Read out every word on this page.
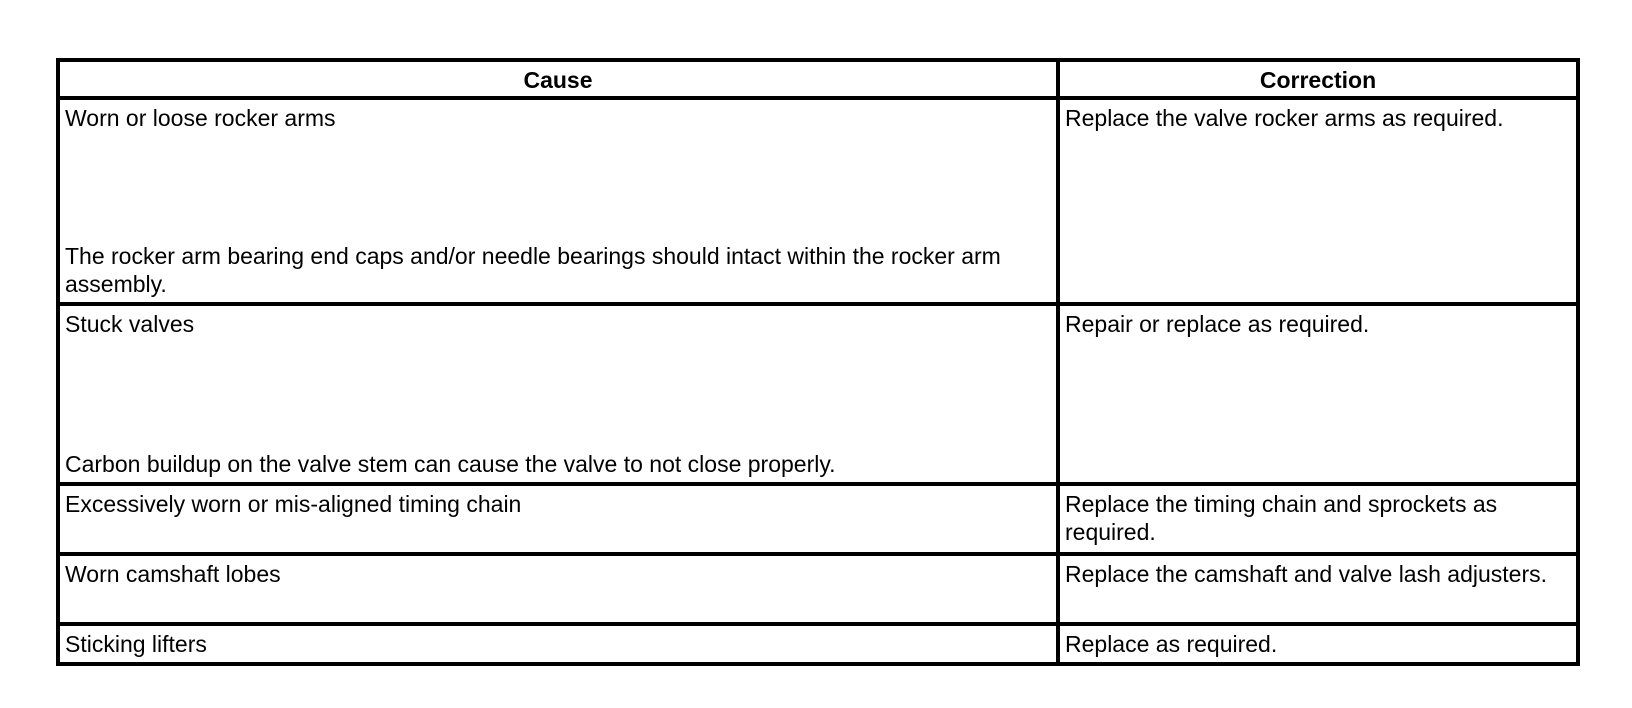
Cause	Correction

Worn or loose rocker arms
The rocker arm bearing end caps and/or needle bearings should intact within the rocker arm assembly.	Replace the valve rocker arms as required.

Stuck valves
Carbon buildup on the valve stem can cause the valve to not close properly.	Repair or replace as required.
Excessively worn or mis-aligned timing chain	Replace the timing chain and sprockets as required.
Worn camshaft lobes	Replace the camshaft and valve lash adjusters.
Sticking lifters	Replace as required.
